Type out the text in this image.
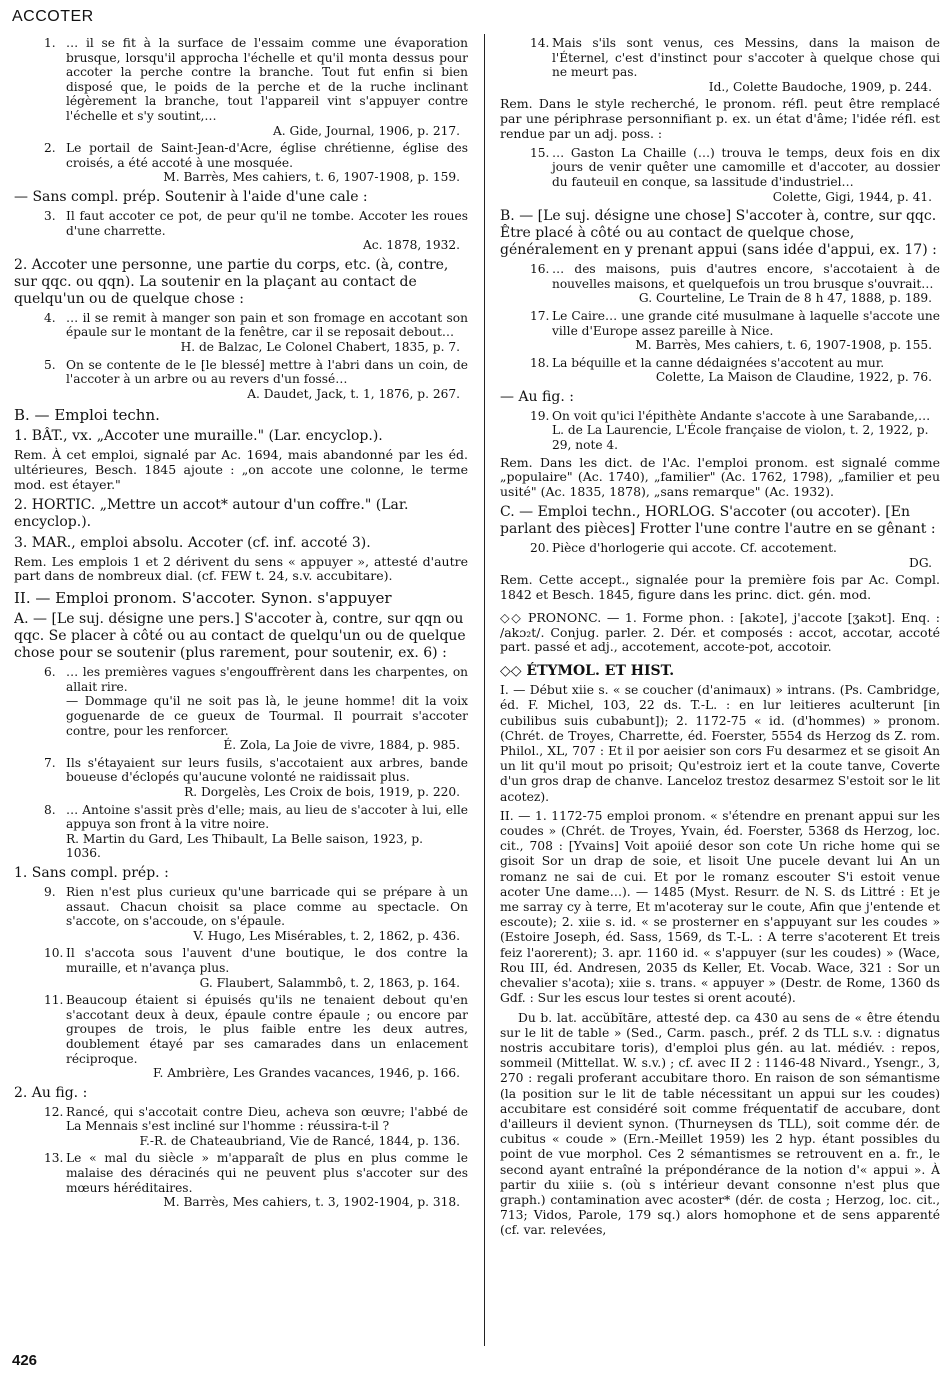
ACCOTER
1. … il se fit à la surface de l'essaim comme une évaporation brusque, lorsqu'il approcha l'échelle et qu'il monta dessus pour accoter la perche contre la branche. Tout fut enfin si bien disposé que, le poids de la perche et de la ruche inclinant légèrement la branche, tout l'appareil vint s'appuyer contre l'échelle et s'y soutint,…
A. Gide, Journal, 1906, p. 217.
2. Le portail de Saint-Jean-d'Acre, église chrétienne, église des croisés, a été accoté à une mosquée.
M. Barrès, Mes cahiers, t. 6, 1907-1908, p. 159.
— Sans compl. prép. Soutenir à l'aide d'une cale :
3. Il faut accoter ce pot, de peur qu'il ne tombe. Accoter les roues d'une charrette.
Ac. 1878, 1932.
2. Accoter une personne, une partie du corps, etc. (à, contre, sur qqc. ou qqn). La soutenir en la plaçant au contact de quelqu'un ou de quelque chose :
4. … il se remit à manger son pain et son fromage en accotant son épaule sur le montant de la fenêtre, car il se reposait debout…
H. de Balzac, Le Colonel Chabert, 1835, p. 7.
5. On se contente de le [le blessé] mettre à l'abri dans un coin, de l'accoter à un arbre ou au revers d'un fossé…
A. Daudet, Jack, t. 1, 1876, p. 267.
B. — Emploi techn.
1. BÂT., vx. „Accoter une muraille." (Lar. encyclop.).
Rem. À cet emploi, signalé par Ac. 1694, mais abandonné par les éd. ultérieures, Besch. 1845 ajoute : „on accote une colonne, le terme mod. est étayer."
2. HORTIC. „Mettre un accot* autour d'un coffre." (Lar. encyclop.).
3. MAR., emploi absolu. Accoter (cf. inf. accoté 3).
Rem. Les emplois 1 et 2 dérivent du sens « appuyer », attesté d'autre part dans de nombreux dial. (cf. FEW t. 24, s.v. accubitare).
II. — Emploi pronom. S'accoter. Synon. s'appuyer
A. — [Le suj. désigne une pers.] S'accoter à, contre, sur qqn ou qqc. Se placer à côté ou au contact de quelqu'un ou de quelque chose pour se soutenir (plus rarement, pour soutenir, ex. 6) :
6. … les premières vagues s'engouffrèrent dans les charpentes, on allait rire.
— Dommage qu'il ne soit pas là, le jeune homme! dit la voix goguenarde de ce gueux de Tourmal. Il pourrait s'accoter contre, pour les renforcer.
É. Zola, La Joie de vivre, 1884, p. 985.
7. Ils s'étayaient sur leurs fusils, s'accotaient aux arbres, bande boueuse d'éclopés qu'aucune volonté ne raidissait plus.
R. Dorgelès, Les Croix de bois, 1919, p. 220.
8. … Antoine s'assit près d'elle; mais, au lieu de s'accoter à lui, elle appuya son front à la vitre noire.
R. Martin du Gard, Les Thibault, La Belle saison, 1923, p. 1036.
1. Sans compl. prép. :
9. Rien n'est plus curieux qu'une barricade qui se prépare à un assaut. Chacun choisit sa place comme au spectacle. On s'accote, on s'accoude, on s'épaule.
V. Hugo, Les Misérables, t. 2, 1862, p. 436.
10. Il s'accota sous l'auvent d'une boutique, le dos contre la muraille, et n'avança plus.
G. Flaubert, Salammbô, t. 2, 1863, p. 164.
11. Beaucoup étaient si épuisés qu'ils ne tenaient debout qu'en s'accotant deux à deux, épaule contre épaule ; ou encore par groupes de trois, le plus faible entre les deux autres, doublement étayé par ses camarades dans un enlacement réciproque.
F. Ambrière, Les Grandes vacances, 1946, p. 166.
2. Au fig. :
12. Rancé, qui s'accotait contre Dieu, acheva son œuvre; l'abbé de La Mennais s'est incliné sur l'homme : réussira-t-il ?
F.-R. de Chateaubriand, Vie de Rancé, 1844, p. 136.
13. Le « mal du siècle » m'apparaît de plus en plus comme le malaise des déracinés qui ne peuvent plus s'accoter sur des mœurs héréditaires.
M. Barrès, Mes cahiers, t. 3, 1902-1904, p. 318.
14. Mais s'ils sont venus, ces Messins, dans la maison de l'Éternel, c'est d'instinct pour s'accoter à quelque chose qui ne meurt pas.
Id., Colette Baudoche, 1909, p. 244.
Rem. Dans le style recherché, le pronom. réfl. peut être remplacé par une périphrase personnifiant p. ex. un état d'âme; l'idée réfl. est rendue par un adj. poss. :
15. … Gaston La Chaille (…) trouva le temps, deux fois en dix jours de venir quêter une camomille et d'accoter, au dossier du fauteuil en conque, sa lassitude d'industriel…
Colette, Gigi, 1944, p. 41.
B. — [Le suj. désigne une chose] S'accoter à, contre, sur qqc. Être placé à côté ou au contact de quelque chose, généralement en y prenant appui (sans idée d'appui, ex. 17) :
16. … des maisons, puis d'autres encore, s'accotaient à de nouvelles maisons, et quelquefois un trou brusque s'ouvrait…
G. Courteline, Le Train de 8 h 47, 1888, p. 189.
17. Le Caire… une grande cité musulmane à laquelle s'accote une ville d'Europe assez pareille à Nice.
M. Barrès, Mes cahiers, t. 6, 1907-1908, p. 155.
18. La béquille et la canne dédaignées s'accotent au mur.
Colette, La Maison de Claudine, 1922, p. 76.
— Au fig. :
19. On voit qu'ici l'épithète Andante s'accote à une Sarabande,…
L. de La Laurencie, L'École française de violon, t. 2, 1922, p. 29, note 4.
Rem. Dans les dict. de l'Ac. l'emploi pronom. est signalé comme „populaire" (Ac. 1740), „familier" (Ac. 1762, 1798), „familier et peu usité" (Ac. 1835, 1878), „sans remarque" (Ac. 1932).
C. — Emploi techn., HORLOG. S'accoter (ou accoter). [En parlant des pièces] Frotter l'une contre l'autre en se gênant :
20. Pièce d'horlogerie qui accote. Cf. accotement.
DG.
Rem. Cette accept., signalée pour la première fois par Ac. Compl. 1842 et Besch. 1845, figure dans les princ. dict. gén. mod.
◇◇ PRONONC. — 1. Forme phon. : [akɔte], j'accote [ʒakɔt]. Enq. : /akɔ₂t/. Conjug. parler. 2. Dér. et composés : accot, accotar, accoté part. passé et adj., accotement, accote-pot, accotoir.
◇◇ ÉTYMOL. ET HIST.
I. — Début xiie s. « se coucher (d'animaux) » intrans. (Ps. Cambridge, éd. F. Michel, 103, 22 ds. T.-L. : en lur leitieres aculterunt [in cubilibus suis cubabunt]); 2. 1172-75 « id. (d'hommes) » pronom. (Chrét. de Troyes, Charrette, éd. Foerster, 5554 ds Herzog ds Z. rom. Philol., XL, 707 : Et il por aeisier son cors Fu desarmez et se gisoit An un lit qu'il mout po prisoit; Qu'estroiz iert et la coute tanve, Coverte d'un gros drap de chanve. Lanceloz trestoz desarmez S'estoit sor le lit acotez).
II. — 1. 1172-75 emploi pronom. « s'étendre en prenant appui sur les coudes » (Chrét. de Troyes, Yvain, éd. Foerster, 5368 ds Herzog, loc. cit., 708 : [Yvains] Voit apoiié desor son cote Un riche home qui se gisoit Sor un drap de soie, et lisoit Une pucele devant lui An un romanz ne sai de cui. Et por le romanz escouter S'i estoit venue acoter Une dame…). — 1485 (Myst. Resurr. de N. S. ds Littré : Et je me sarray cy à terre, Et m'acoteray sur le coute, Afin que j'entende et escoute); 2. xiie s. id. « se prosterner en s'appuyant sur les coudes » (Estoire Joseph, éd. Sass, 1569, ds T.-L. : A terre s'acoterent Et treis feiz l'aorerent); 3. apr. 1160 id. « s'appuyer (sur les coudes) » (Wace, Rou III, éd. Andresen, 2035 ds Keller, Et. Vocab. Wace, 321 : Sor un chevalier s'acota); xiie s. trans. « appuyer » (Destr. de Rome, 1360 ds Gdf. : Sur les escus lour testes si orent acouté).
Du b. lat. accŭbĭtāre, attesté dep. ca 430 au sens de « être étendu sur le lit de table » (Sed., Carm. pasch., préf. 2 ds TLL s.v. : dignatus nostris accubitare toris), d'emploi plus gén. au lat. médiév. : repos, sommeil (Mittellat. W. s.v.) ; cf. avec II 2 : 1146-48 Nivard., Ysengr., 3, 270 : regali proferant accubitare thoro. En raison de son sémantisme (la position sur le lit de table nécessitant un appui sur les coudes) accubitare est considéré soit comme fréquentatif de accubare, dont d'ailleurs il devient synon. (Thurneysen ds TLL), soit comme dér. de cubitus « coude » (Ern.-Meillet 1959) les 2 hyp. étant possibles du point de vue morphol. Ces 2 sémantismes se retrouvent en a. fr., le second ayant entraîné la prépondérance de la notion d'« appui ». À partir du xiiie s. (où s intérieur devant consonne n'est plus que graph.) contamination avec acoster* (dér. de costa ; Herzog, loc. cit., 713; Vidos, Parole, 179 sq.) alors homophone et de sens apparenté (cf. var. relevées,
426
